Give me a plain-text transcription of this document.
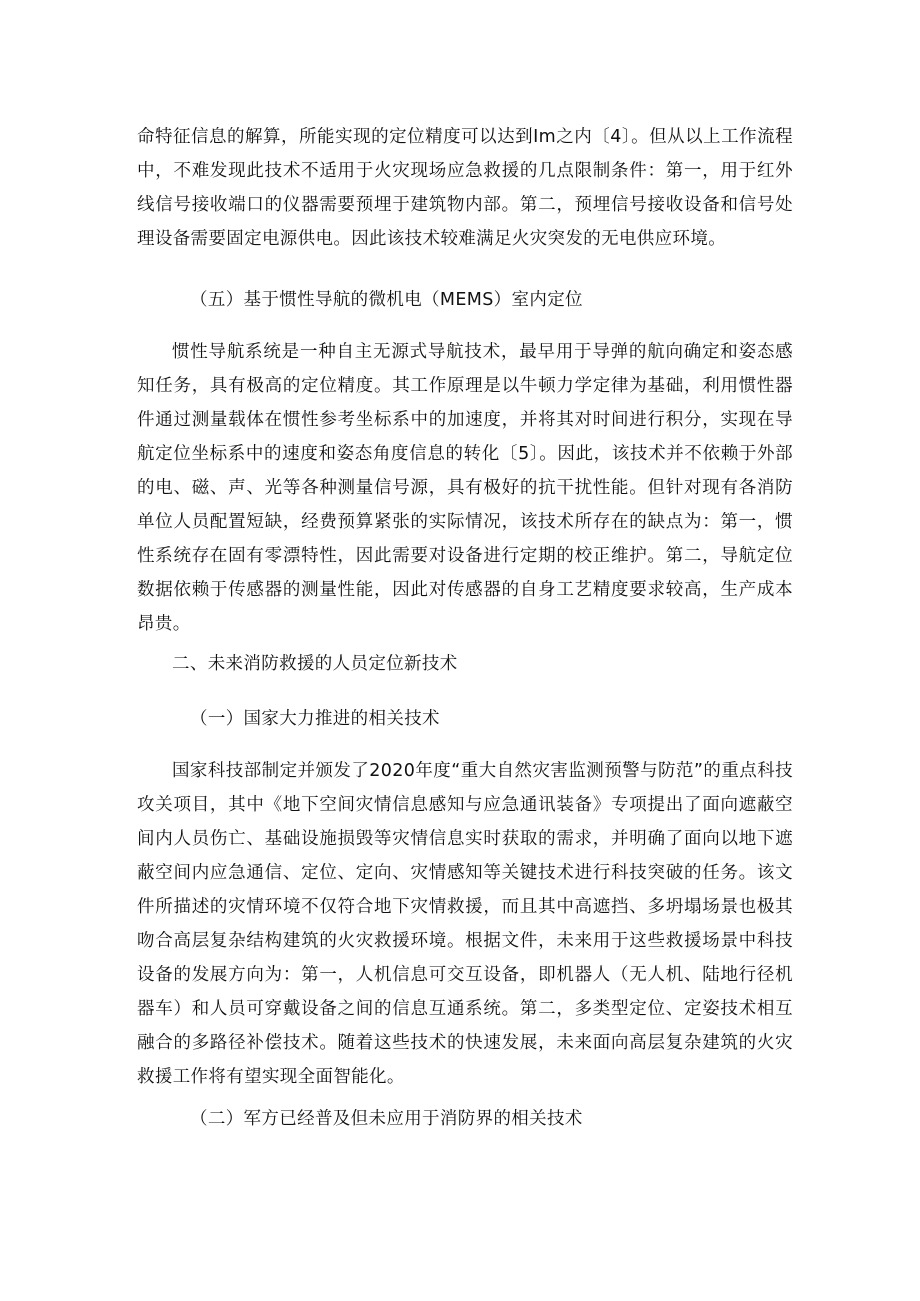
命特征信息的解算，所能实现的定位精度可以达到Im之内〔4〕。但从以上工作流程中，不难发现此技术不适用于火灾现场应急救援的几点限制条件：第一，用于红外线信号接收端口的仪器需要预埋于建筑物内部。第二，预埋信号接收设备和信号处理设备需要固定电源供电。因此该技术较难满足火灾突发的无电供应环境。

（五）基于惯性导航的微机电（MEMS）室内定位

惯性导航系统是一种自主无源式导航技术，最早用于导弹的航向确定和姿态感知任务，具有极高的定位精度。其工作原理是以牛顿力学定律为基础，利用惯性器件通过测量载体在惯性参考坐标系中的加速度，并将其对时间进行积分，实现在导航定位坐标系中的速度和姿态角度信息的转化〔5〕。因此，该技术并不依赖于外部的电、磁、声、光等各种测量信号源，具有极好的抗干扰性能。但针对现有各消防单位人员配置短缺，经费预算紧张的实际情况，该技术所存在的缺点为：第一，惯性系统存在固有零漂特性，因此需要对设备进行定期的校正维护。第二，导航定位数据依赖于传感器的测量性能，因此对传感器的自身工艺精度要求较高，生产成本昂贵。

二、未来消防救援的人员定位新技术

（一）国家大力推进的相关技术

国家科技部制定并颁发了2020年度“重大自然灾害监测预警与防范”的重点科技攻关项目，其中《地下空间灾情信息感知与应急通讯装备》专项提出了面向遮蔽空间内人员伤亡、基础设施损毁等灾情信息实时获取的需求，并明确了面向以地下遮蔽空间内应急通信、定位、定向、灾情感知等关键技术进行科技突破的任务。该文件所描述的灾情环境不仅符合地下灾情救援，而且其中高遮挡、多坍塌场景也极其吻合高层复杂结构建筑的火灾救援环境。根据文件，未来用于这些救援场景中科技设备的发展方向为：第一，人机信息可交互设备，即机器人（无人机、陆地行径机器车）和人员可穿戴设备之间的信息互通系统。第二，多类型定位、定姿技术相互融合的多路径补偿技术。随着这些技术的快速发展，未来面向高层复杂建筑的火灾救援工作将有望实现全面智能化。

（二）军方已经普及但未应用于消防界的相关技术
